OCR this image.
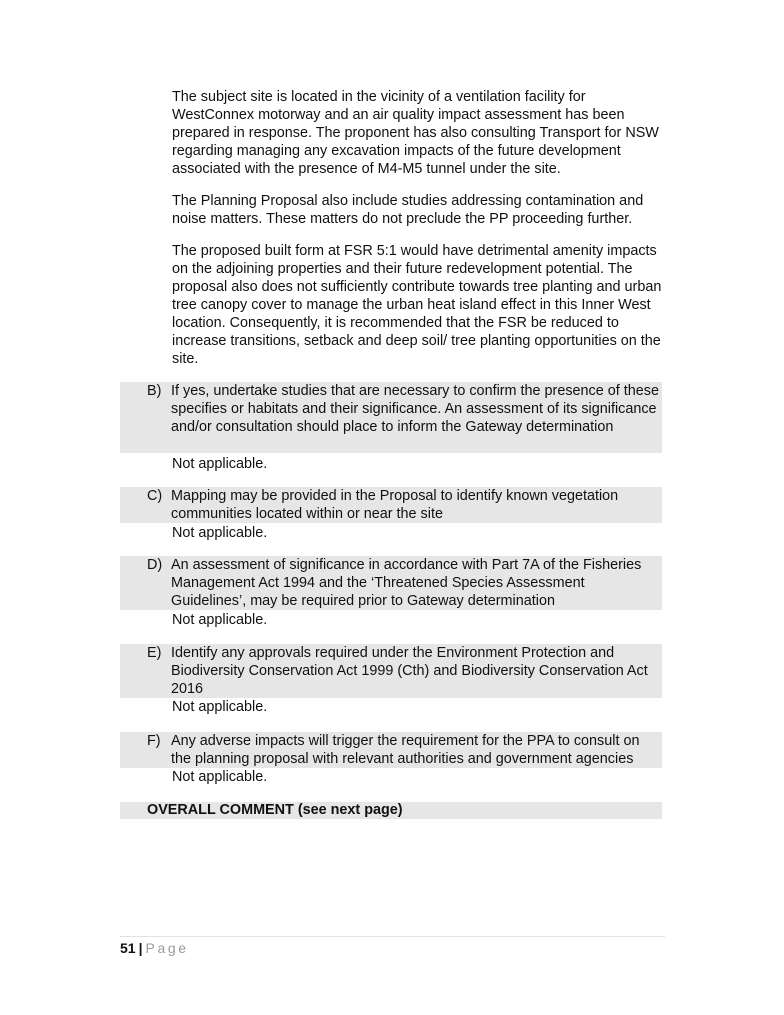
The subject site is located in the vicinity of a ventilation facility for WestConnex motorway and an air quality impact assessment has been prepared in response. The proponent has also consulting Transport for NSW regarding managing any excavation impacts of the future development associated with the presence of M4-M5 tunnel under the site.

The Planning Proposal also include studies addressing contamination and noise matters. These matters do not preclude the PP proceeding further.

The proposed built form at FSR 5:1 would have detrimental amenity impacts on the adjoining properties and their future redevelopment potential. The proposal also does not sufficiently contribute towards tree planting and urban tree canopy cover to manage the urban heat island effect in this Inner West location. Consequently, it is recommended that the FSR be reduced to increase transitions, setback and deep soil/ tree planting opportunities on the site.

B) If yes, undertake studies that are necessary to confirm the presence of these specifies or habitats and their significance. An assessment of its significance and/or consultation should place to inform the Gateway determination
Not applicable.
C) Mapping may be provided in the Proposal to identify known vegetation communities located within or near the site
Not applicable.
D) An assessment of significance in accordance with Part 7A of the Fisheries Management Act 1994 and the ‘Threatened Species Assessment Guidelines’, may be required prior to Gateway determination
Not applicable.
E) Identify any approvals required under the Environment Protection and Biodiversity Conservation Act 1999 (Cth) and Biodiversity Conservation Act 2016
Not applicable.
F) Any adverse impacts will trigger the requirement for the PPA to consult on the planning proposal with relevant authorities and government agencies
Not applicable.
OVERALL COMMENT (see next page)
51 | Page
